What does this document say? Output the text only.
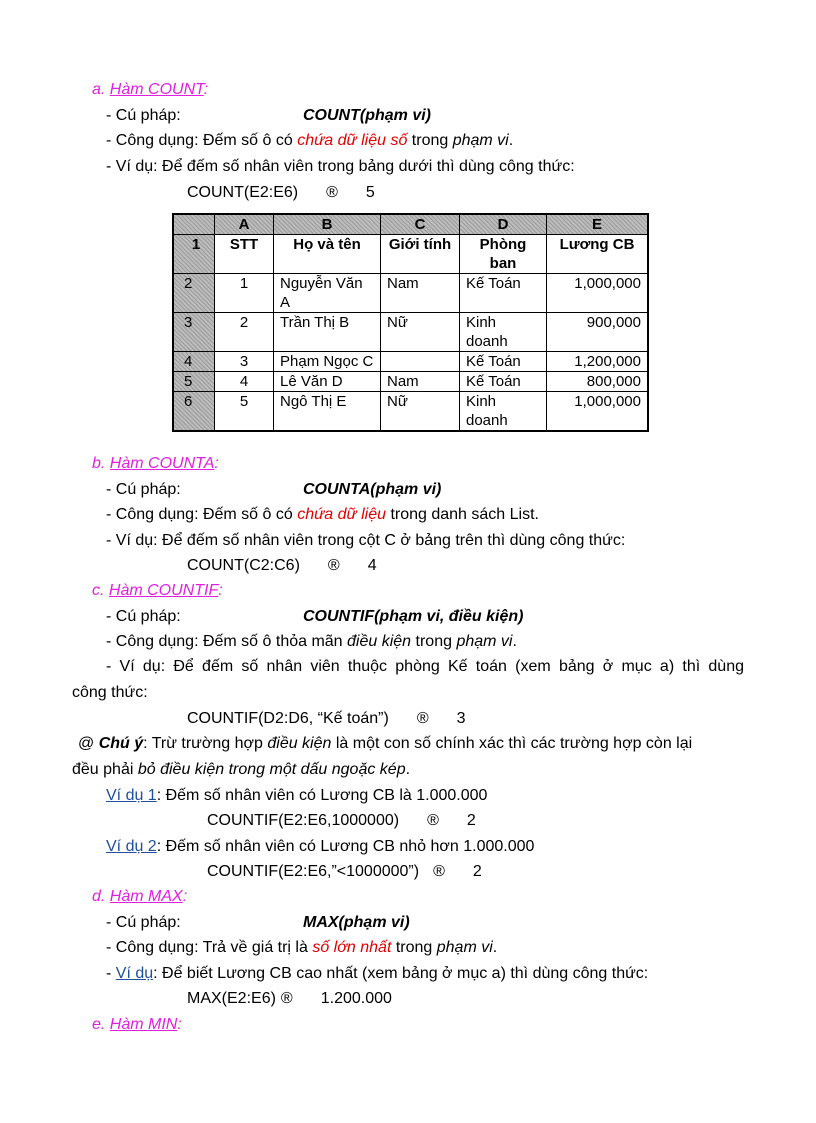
a. Hàm COUNT:
- Cú pháp:	COUNT(phạm vi)
- Công dụng: Đếm số ô có chứa dữ liệu số trong phạm vi.
- Ví dụ: Để đếm số nhân viên trong bảng dưới thì dùng công thức:
COUNT(E2:E6) ® 5
	A	B	C	D	E
1	STT	Họ và tên	Giới tính	Phòng ban	Lương CB
2	1	Nguyễn Văn A	Nam	Kế Toán	1,000,000
3	2	Trần Thị B	Nữ	Kinh doanh	900,000
4	3	Phạm Ngọc C		Kế Toán	1,200,000
5	4	Lê Văn D	Nam	Kế Toán	800,000
6	5	Ngô Thị E	Nữ	Kinh doanh	1,000,000
b. Hàm COUNTA:
- Cú pháp:	COUNTA(phạm vi)
- Công dụng: Đếm số ô có chứa dữ liệu trong danh sách List.
- Ví dụ: Để đếm số nhân viên trong cột C ở bảng trên thì dùng công thức:
COUNT(C2:C6) ® 4
c. Hàm COUNTIF:
- Cú pháp:	COUNTIF(phạm vi, điều kiện)
- Công dụng: Đếm số ô thỏa mãn điều kiện trong phạm vi.
- Ví dụ: Để đếm số nhân viên thuộc phòng Kế toán (xem bảng ở mục a) thì dùng
công thức:
COUNTIF(D2:D6, “Kế toán”) ® 3
@ Chú ý: Trừ trường hợp điều kiện là một con số chính xác thì các trường hợp còn lại
đều phải bỏ điều kiện trong một dấu ngoặc kép.
Ví dụ 1: Đếm số nhân viên có Lương CB là 1.000.000
COUNTIF(E2:E6,1000000) ® 2
Ví dụ 2: Đếm số nhân viên có Lương CB nhỏ hơn 1.000.000
COUNTIF(E2:E6,”<1000000”) ® 2
d. Hàm MAX:
- Cú pháp:	MAX(phạm vi)
- Công dụng: Trả về giá trị là số lớn nhất trong phạm vi.
- Ví dụ: Để biết Lương CB cao nhất (xem bảng ở mục a) thì dùng công thức:
MAX(E2:E6) ® 1.200.000
e. Hàm MIN:
